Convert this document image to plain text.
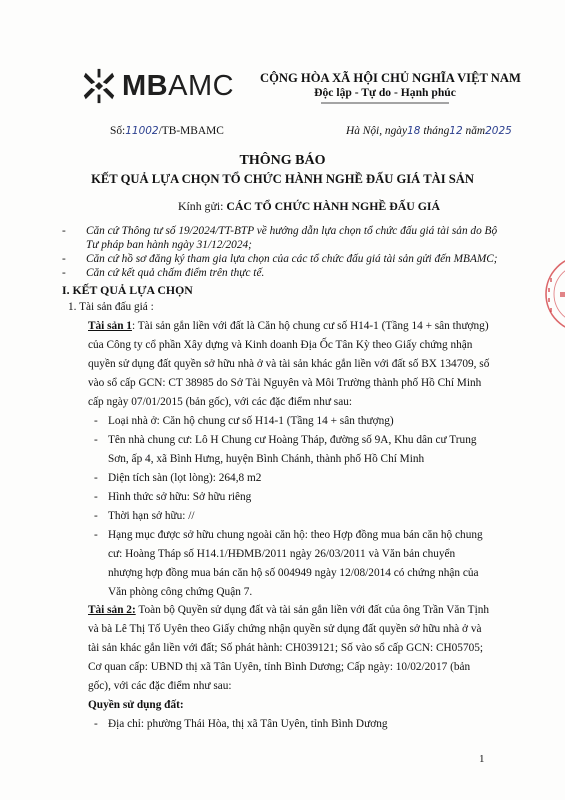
MBAMC CỘNG HÒA XÃ HỘI CHỦ NGHĨA VIỆT NAM
Độc lập - Tự do - Hạnh phúc
Số:11002/TB-MBAMC	Hà Nội, ngày18 tháng12 năm2025
THÔNG BÁO
KẾT QUẢ LỰA CHỌN TỔ CHỨC HÀNH NGHỀ ĐẤU GIÁ TÀI SẢN
Kính gửi: CÁC TỔ CHỨC HÀNH NGHỀ ĐẤU GIÁ
- Căn cứ Thông tư số 19/2024/TT-BTP về hướng dẫn lựa chọn tổ chức đấu giá tài sản do Bộ
Tư pháp ban hành ngày 31/12/2024;
- Căn cứ hồ sơ đăng ký tham gia lựa chọn của các tổ chức đấu giá tài sản gửi đến MBAMC;
- Căn cứ kết quả chấm điểm trên thực tế.
I. KẾT QUẢ LỰA CHỌN
1. Tài sản đấu giá :
Tài sản 1: Tài sản gắn liền với đất là Căn hộ chung cư số H14-1 (Tầng 14 + sân thượng)
của Công ty cổ phần Xây dựng và Kinh doanh Địa Ốc Tân Kỳ theo Giấy chứng nhận
quyền sử dụng đất quyền sở hữu nhà ở và tài sản khác gắn liền với đất số BX 134709, số
vào sổ cấp GCN: CT 38985 do Sở Tài Nguyên và Môi Trường thành phố Hồ Chí Minh
cấp ngày 07/01/2015 (bản gốc), với các đặc điểm như sau:
- Loại nhà ở: Căn hộ chung cư số H14-1 (Tầng 14 + sân thượng)
- Tên nhà chung cư: Lô H Chung cư Hoàng Tháp, đường số 9A, Khu dân cư Trung
Sơn, ấp 4, xã Bình Hưng, huyện Bình Chánh, thành phố Hồ Chí Minh
- Diện tích sàn (lọt lòng): 264,8 m2
- Hình thức sở hữu: Sở hữu riêng
- Thời hạn sở hữu: //
- Hạng mục được sở hữu chung ngoài căn hộ: theo Hợp đồng mua bán căn hộ chung
cư: Hoàng Tháp số H14.1/HĐMB/2011 ngày 26/03/2011 và Văn bản chuyển
nhượng hợp đồng mua bán căn hộ số 004949 ngày 12/08/2014 có chứng nhận của
Văn phòng công chứng Quận 7.
Tài sản 2: Toàn bộ Quyền sử dụng đất và tài sản gắn liền với đất của ông Trần Văn Tịnh
và bà Lê Thị Tố Uyên theo Giấy chứng nhận quyền sử dụng đất quyền sở hữu nhà ở và
tài sản khác gắn liền với đất; Số phát hành: CH039121; Số vào sổ cấp GCN: CH05705;
Cơ quan cấp: UBND thị xã Tân Uyên, tỉnh Bình Dương; Cấp ngày: 10/02/2017 (bản
gốc), với các đặc điểm như sau:
Quyền sử dụng đất:
- Địa chỉ: phường Thái Hòa, thị xã Tân Uyên, tỉnh Bình Dương
1
